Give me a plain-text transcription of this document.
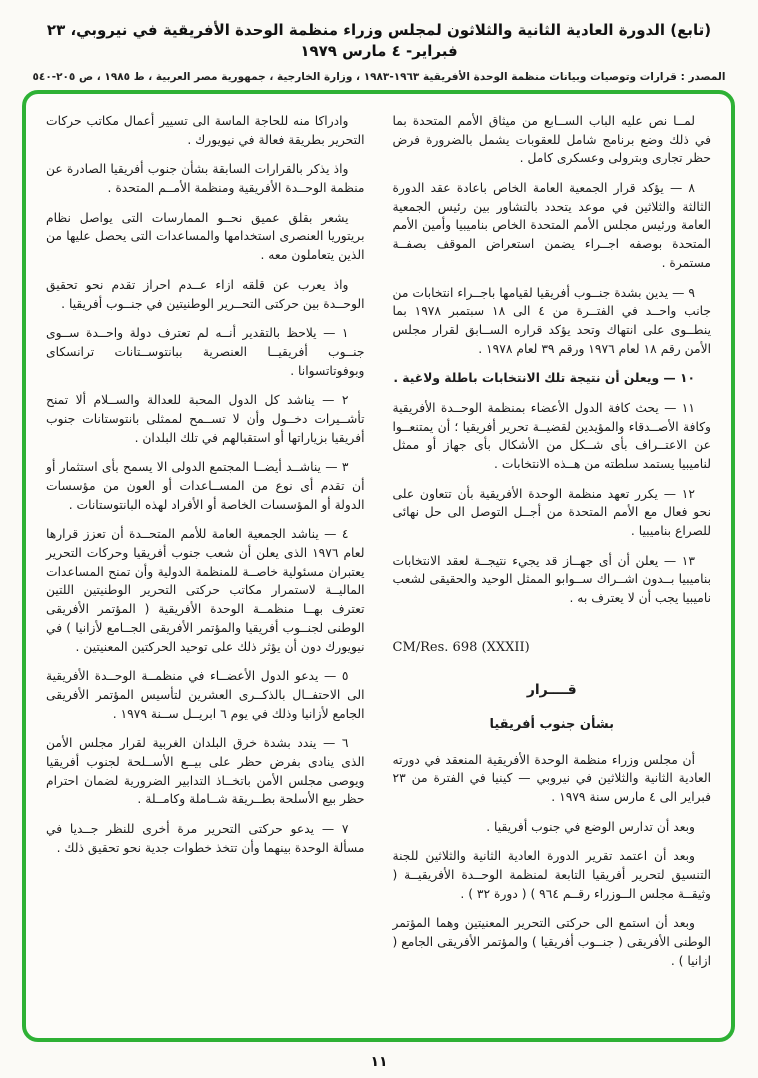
(تابع) الدورة العادية الثانية والثلاثون لمجلس وزراء منظمة الوحدة الأفريقية في نيروبي، ٢٣ فبراير- ٤ مارس ١٩٧٩
المصدر : قرارات وتوصيات وبيانات منظمة الوحدة الأفريقية ١٩٦٣-١٩٨٣ ، وزارة الخارجية ، جمهورية مصر العربية ، ط ١٩٨٥ ، ص ٢٠٥-٥٤٠

لمــا نص عليه الباب الســابع من ميثاق الأمم المتحدة بما في ذلك وضع برنامج شامل للعقوبات يشمل بالضرورة فرض حظر تجارى وبترولى وعسكرى كامل .

٨ — يؤكد قرار الجمعية العامة الخاص باعادة عقد الدورة الثالثة والثلاثين في موعد يتحدد بالتشاور بين رئيس الجمعية العامة ورئيس مجلس الأمم المتحدة الخاص بناميبيا وأمين الأمم المتحدة بوصفه اجــراء يضمن استعراض الموقف بصفــة مستمرة .

٩ — يدين بشدة جنــوب أفريقيا لقيامها باجــراء انتخابات من جانب واحــد في الفتــرة من ٤ الى ١٨ سبتمبر ١٩٧٨ بما ينطــوى على انتهاك وتحد يؤكد قراره الســابق لقرار مجلس الأمن رقم ١٨ لعام ١٩٧٦ ورقم ٣٩ لعام ١٩٧٨ .

١٠ — ويعلن أن نتيجة تلك الانتخابات باطلة ولاغية .

١١ — يحث كافة الدول الأعضاء بمنظمة الوحــدة الأفريقية وكافة الأصــدقاء والمؤيدين لقضيــة تحرير أفريقيا ؛ أن يمتنعــوا عن الاعتــراف بأى شــكل من الأشكال بأى جهاز أو ممثل لناميبيا يستمد سلطته من هــذه الانتخابات .

١٢ — يكرر تعهد منظمة الوحدة الأفريقية بأن تتعاون على نحو فعال مع الأمم المتحدة من أجــل التوصل الى حل نهائى للصراع بناميبيا .

١٣ — يعلن أن أى جهــاز قد يجيء نتيجــة لعقد الانتخابات بناميبيا بــدون اشــراك ســوابو الممثل الوحيد والحقيقى لشعب ناميبيا يجب أن لا يعترف به .

CM/Res. 698 (XXXII)

قــــرار

بشأن جنوب أفريقيا

أن مجلس وزراء منظمة الوحدة الأفريقية المنعقد في دورته العادية الثانية والثلاثين في نيروبي — كينيا في الفترة من ٢٣ فبراير الى ٤ مارس سنة ١٩٧٩ .

وبعد أن تدارس الوضع في جنوب أفريقيا .

وبعد أن اعتمد تقرير الدورة العادية الثانية والثلاثين للجنة التنسيق لتحرير أفريقيا التابعة لمنظمة الوحــدة الأفريقيــة ( وثيقــة مجلس الــوزراء رقــم ٩٦٤ ) ( دورة ٣٢ ) .

وبعد أن استمع الى حركتى التحرير المعنيتين وهما المؤتمر الوطنى الأفريقى ( جنــوب أفريقيا ) والمؤتمر الأفريقى الجامع ( ازانيا ) .

وادراكا منه للحاجة الماسة الى تسيير أعمال مكاتب حركات التحرير بطريقة فعالة في نيويورك .

واذ يذكر بالقرارات السابقة بشأن جنوب أفريقيا الصادرة عن منظمة الوحــدة الأفريقية ومنظمة الأمــم المتحدة .

يشعر بقلق عميق نحــو الممارسات التى يواصل نظام بريتوريا العنصرى استخدامها والمساعدات التى يحصل عليها من الذين يتعاملون معه .

واذ يعرب عن قلقه ازاء عــدم احراز تقدم نحو تحقيق الوحــدة بين حركتى التحــرير الوطنيتين في جنــوب أفريقيا .

١ — يلاحظ بالتقدير أنــه لم تعترف دولة واحــدة ســوى جنــوب أفريقيــا العنصرية ببانتوســتانات ترانسكاى وبوفوتاتسوانا .

٢ — يناشد كل الدول المحبة للعدالة والســلام ألا تمنح تأشــيرات دخــول وأن لا تســمح لممثلى بانتوستانات جنوب أفريقيا بزياراتها أو استقبالهم في تلك البلدان .

٣ — يناشــد أيضــا المجتمع الدولى الا يسمح بأى استثمار أو أن تقدم أى نوع من المســاعدات أو العون من مؤسسات الدولة أو المؤسسات الخاصة أو الأفراد لهذه البانتوستانات .

٤ — يناشد الجمعية العامة للأمم المتحــدة أن تعزز قرارها لعام ١٩٧٦ الذى يعلن أن شعب جنوب أفريقيا وحركات التحرير يعتبران مسئولية خاصــة للمنظمة الدولية وأن تمنح المساعدات الماليــة لاستمرار مكاتب حركتى التحرير الوطنيتين اللتين تعترف بهــا منظمــة الوحدة الأفريقية ( المؤتمر الأفريقى الوطنى لجنــوب أفريقيا والمؤتمر الأفريقى الجــامع لأزانيا ) في نيويورك دون أن يؤثر ذلك على توحيد الحركتين المعنيتين .

٥ — يدعو الدول الأعضــاء في منظمــة الوحــدة الأفريقية الى الاحتفــال بالذكــرى العشرين لتأسيس المؤتمر الأفريقى الجامع لأزانيا وذلك في يوم ٦ ابريــل ســنة ١٩٧٩ .

٦ — يندد بشدة خرق البلدان الغربية لقرار مجلس الأمن الذى ينادى بفرض حظر على بيــع الأســلحة لجنوب أفريقيا ويوصى مجلس الأمن باتخــاذ التدابير الضرورية لضمان احترام حظر بيع الأسلحة بطــريقة شــاملة وكامــلة .

٧ — يدعو حركتى التحرير مرة أخرى للنظر جــديا في مسألة الوحدة بينهما وأن تتخذ خطوات جدية نحو تحقيق ذلك .

١١
